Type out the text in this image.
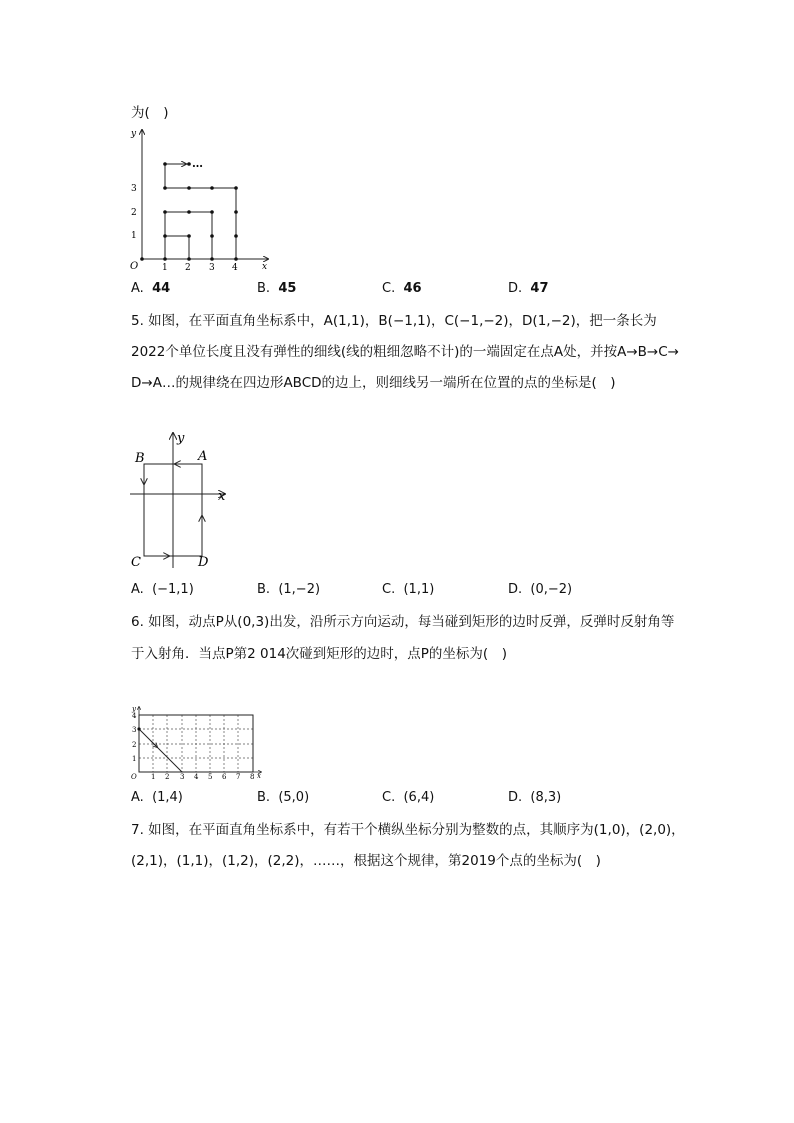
为(　)
O	x
y
1 2 3 4
1
2
3
…
A. 44	B. 45	C. 46	D. 47
5. 如图，在平面直角坐标系中，A(1,1)，B(−1,1)，C(−1,−2)，D(1,−2)，把一条长为
2022个单位长度且没有弹性的细线(线的粗细忽略不计)的一端固定在点A处，并按A→B→C→
D→A…的规律绕在四边形ABCD的边上，则细线另一端所在位置的点的坐标是(　)
A
B
C	D
x
y
A. (−1,1)	B. (1,−2)	C. (1,1)	D. (0,−2)
6. 如图，动点P从(0,3)出发，沿所示方向运动，每当碰到矩形的边时反弹，反弹时反射角等
于入射角．当点P第2 014次碰到矩形的边时，点P的坐标为(　)
O	x
y
1 2 3 4 5 6 7 8
1
2
3
4
A. (1,4)	B. (5,0)	C. (6,4)	D. (8,3)
7. 如图，在平面直角坐标系中，有若干个横纵坐标分别为整数的点，其顺序为(1,0)，(2,0)，
(2,1)，(1,1)，(1,2)，(2,2)，……，根据这个规律，第2019个点的坐标为(　)
